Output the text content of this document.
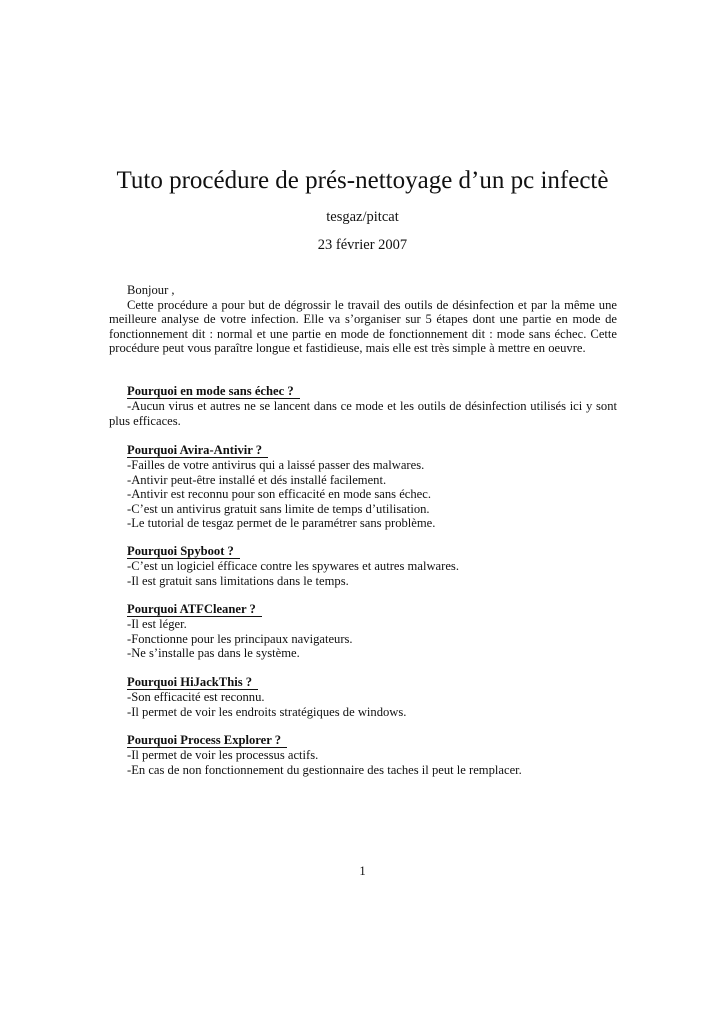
Tuto procédure de prés-nettoyage d’un pc infectè
tesgaz/pitcat
23 février 2007

Bonjour ,

Cette procédure a pour but de dégrossir le travail des outils de désinfection et par la même une meilleure analyse de votre infection. Elle va s’organiser sur 5 étapes dont une partie en mode de fonctionnement dit : normal et une partie en mode de fonctionnement dit : mode sans échec. Cette procédure peut vous paraître longue et fastidieuse, mais elle est très simple à mettre en oeuvre.

Pourquoi en mode sans échec ?

-Aucun virus et autres ne se lancent dans ce mode et les outils de désinfection utilisés ici y sont plus efficaces.

Pourquoi Avira-Antivir ?

-Failles de votre antivirus qui a laissé passer des malwares.

-Antivir peut-être installé et dés installé facilement.

-Antivir est reconnu pour son efficacité en mode sans échec.

-C’est un antivirus gratuit sans limite de temps d’utilisation.

-Le tutorial de tesgaz permet de le paramétrer sans problème.

Pourquoi Spyboot ?

-C’est un logiciel éfficace contre les spywares et autres malwares.

-Il est gratuit sans limitations dans le temps.

Pourquoi ATFCleaner ?

-Il est léger.

-Fonctionne pour les principaux navigateurs.

-Ne s’installe pas dans le système.

Pourquoi HiJackThis ?

-Son efficacité est reconnu.

-Il permet de voir les endroits stratégiques de windows.

Pourquoi Process Explorer ?

-Il permet de voir les processus actifs.

-En cas de non fonctionnement du gestionnaire des taches il peut le remplacer.

1
